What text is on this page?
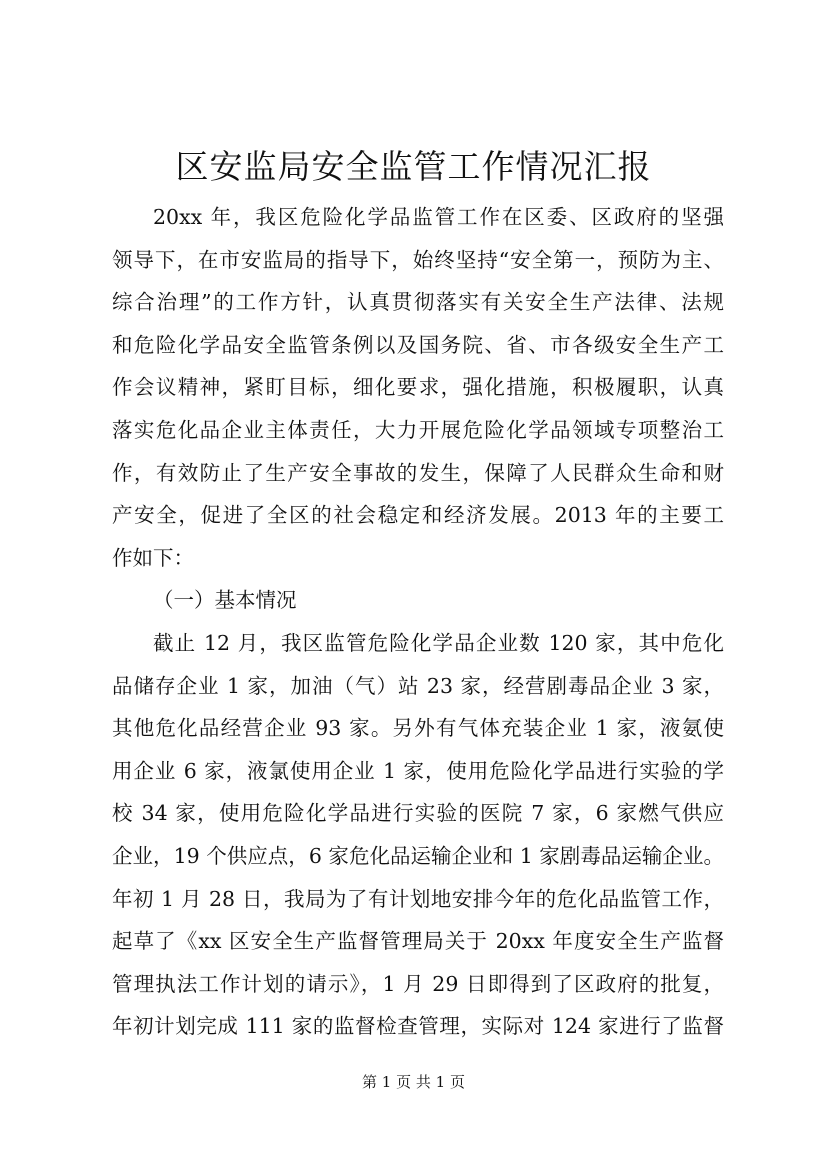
区安监局安全监管工作情况汇报
20xx 年，我区危险化学品监管工作在区委、区政府的坚强
领导下，在市安监局的指导下，始终坚持“安全第一，预防为主、
综合治理”的工作方针，认真贯彻落实有关安全生产法律、法规
和危险化学品安全监管条例以及国务院、省、市各级安全生产工
作会议精神，紧盯目标，细化要求，强化措施，积极履职，认真
落实危化品企业主体责任，大力开展危险化学品领域专项整治工
作，有效防止了生产安全事故的发生，保障了人民群众生命和财
产安全，促进了全区的社会稳定和经济发展。2013 年的主要工
作如下：
（一）基本情况
截止 12 月，我区监管危险化学品企业数 120 家，其中危化
品储存企业 1 家，加油（气）站 23 家，经营剧毒品企业 3 家，
其他危化品经营企业 93 家。另外有气体充装企业 1 家，液氨使
用企业 6 家，液氯使用企业 1 家，使用危险化学品进行实验的学
校 34 家，使用危险化学品进行实验的医院 7 家，6 家燃气供应
企业，19 个供应点，6 家危化品运输企业和 1 家剧毒品运输企业。
年初 1 月 28 日，我局为了有计划地安排今年的危化品监管工作，
起草了《xx 区安全生产监督管理局关于 20xx 年度安全生产监督
管理执法工作计划的请示》，1 月 29 日即得到了区政府的批复，
年初计划完成 111 家的监督检查管理，实际对 124 家进行了监督
第 1 页 共 1 页
